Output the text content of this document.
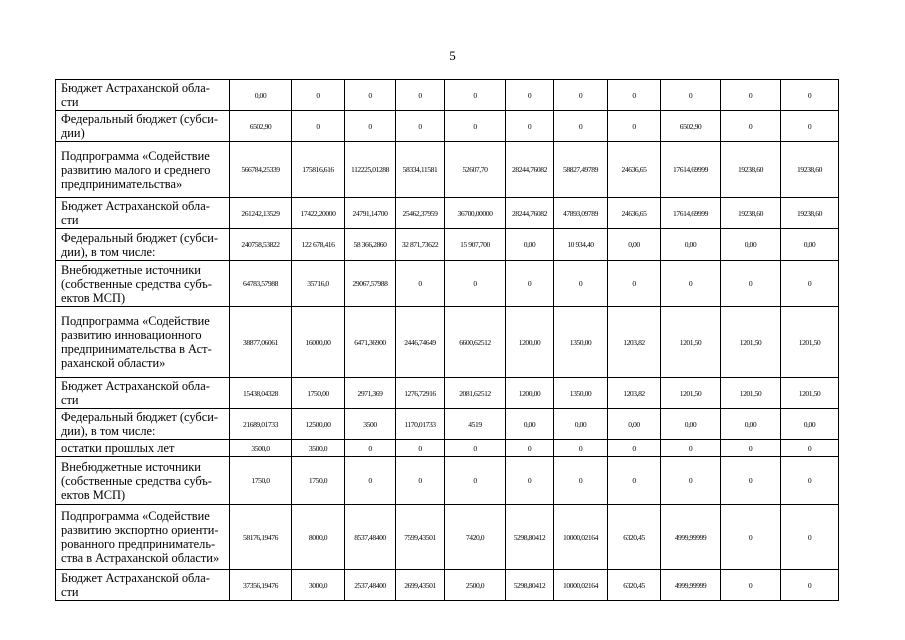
5
Бюджет Астраханской обла-сти	0,00	0	0	0	0	0	0	0	0	0	0
Федеральный бюджет (субси-дии)	6502,90	0	0	0	0	0	0	0	6502,90	0	0
Подпрограмма «Содействие развитию малого и среднего предпринимательства»	566784,25339	175816,616	112225,01288	58334,11581	52607,70	28244,76082	58827,49789	24636,65	17614,69999	19238,60	19238,60
Бюджет Астраханской обла-сти	261242,13529	17422,20000	24791,14700	25462,37959	36700,00000	28244,76082	47893,09789	24636,65	17614,69999	19238,60	19238,60
Федеральный бюджет (субси-дии), в том числе:	240758,53822	122 678,416	58 366,2860	32 871,73622	15 907,700	0,00	10 934,40	0,00	0,00	0,00	0,00
Внебюджетные источники (собственные средства субъ-ектов МСП)	64783,57988	35716,0	29067,57988	0	0	0	0	0	0	0	0
Подпрограмма «Содействие развитию инновационного предпринимательства в Аст-раханской области»	38877,06061	16000,00	6471,36900	2446,74649	6600,62512	1200,00	1350,00	1203,82	1201,50	1201,50	1201,50
Бюджет Астраханской обла-сти	15438,04328	1750,00	2971,369	1276,72916	2081,62512	1200,00	1350,00	1203,82	1201,50	1201,50	1201,50
Федеральный бюджет (субси-дии), в том числе:	21689,01733	12500,00	3500	1170,01733	4519	0,00	0,00	0,00	0,00	0,00	0,00
остатки прошлых лет	3500,0	3500,0	0	0	0	0	0	0	0	0	0
Внебюджетные источники (собственные средства субъ-ектов МСП)	1750,0	1750,0	0	0	0	0	0	0	0	0	0
Подпрограмма «Содействие развитию экспортно ориенти-рованного предприниматель-ства в Астраханской области»	58176,19476	8000,0	8537,48400	7599,43501	7420,0	5298,80412	10000,02164	6320,45	4999,99999	0	0
Бюджет Астраханской обла-сти	37356,19476	3000,0	2537,48400	2699,43501	2500,0	5298,80412	10000,02164	6320,45	4999,99999	0	0
